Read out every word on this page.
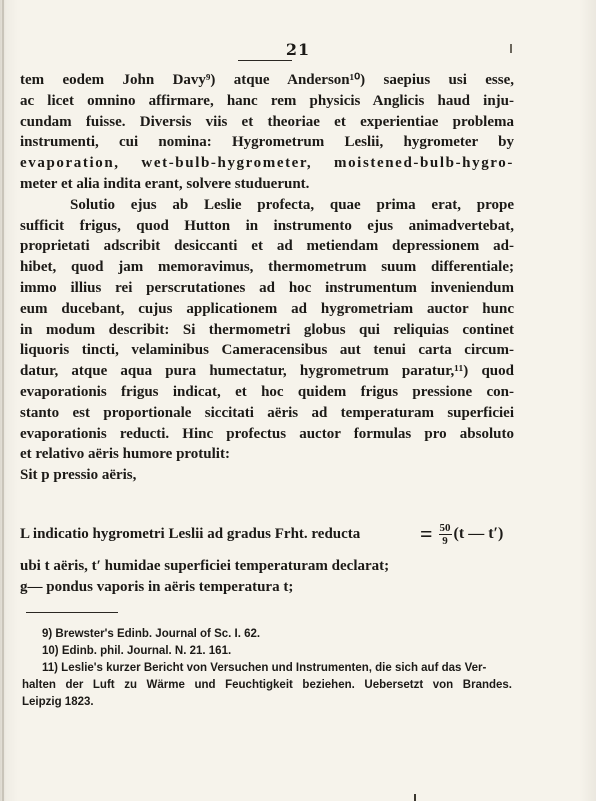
21
tem eodem John Davy⁹) atque Anderson¹⁰) saepius usi esse,
ac licet omnino affirmare, hanc rem physicis Anglicis haud inju-
cundam fuisse. Diversis viis et theoriae et experientiae problema
instrumenti, cui nomina: Hygrometrum Leslii, hygrometer by
evaporation, wet-bulb-hygrometer, moistened-bulb-hygro-
meter et alia indita erant, solvere studuerunt.
Solutio ejus ab Leslie profecta, quae prima erat, prope
sufficit frigus, quod Hutton in instrumento ejus animadvertebat,
proprietati adscribit desiccanti et ad metiendam depressionem ad-
hibet, quod jam memoravimus, thermometrum suum differentiale;
immo illius rei perscrutationes ad hoc instrumentum inveniendum
eum ducebant, cujus applicationem ad hygrometriam auctor hunc
in modum describit: Si thermometri globus qui reliquias continet
liquoris tincti, velaminibus Cameracensibus aut tenui carta circum-
datur, atque aqua pura humectatur, hygrometrum paratur,¹¹) quod
evaporationis frigus indicat, et hoc quidem frigus pressione con-
stanto est proportionale siccitati aëris ad temperaturam superficiei
evaporationis reducti. Hinc profectus auctor formulas pro absoluto
et relativo aëris humore protulit:
Sit p pressio aëris,
L indicatio hygrometri Leslii ad gradus Frht. reducta	= $\frac{50}{9} (t$ — t′)
ubi t aëris, t′ humidae superficiei temperaturam declarat;
g— pondus vaporis in aëris temperatura t;
9) Brewster's Edinb. Journal of Sc. I. 62.
10) Edinb. phil. Journal. N. 21. 161.
11) Leslie's kurzer Bericht von Versuchen und Instrumenten, die sich auf das Ver-
halten der Luft zu Wärme und Feuchtigkeit beziehen. Uebersetzt von Brandes.
Leipzig 1823.
